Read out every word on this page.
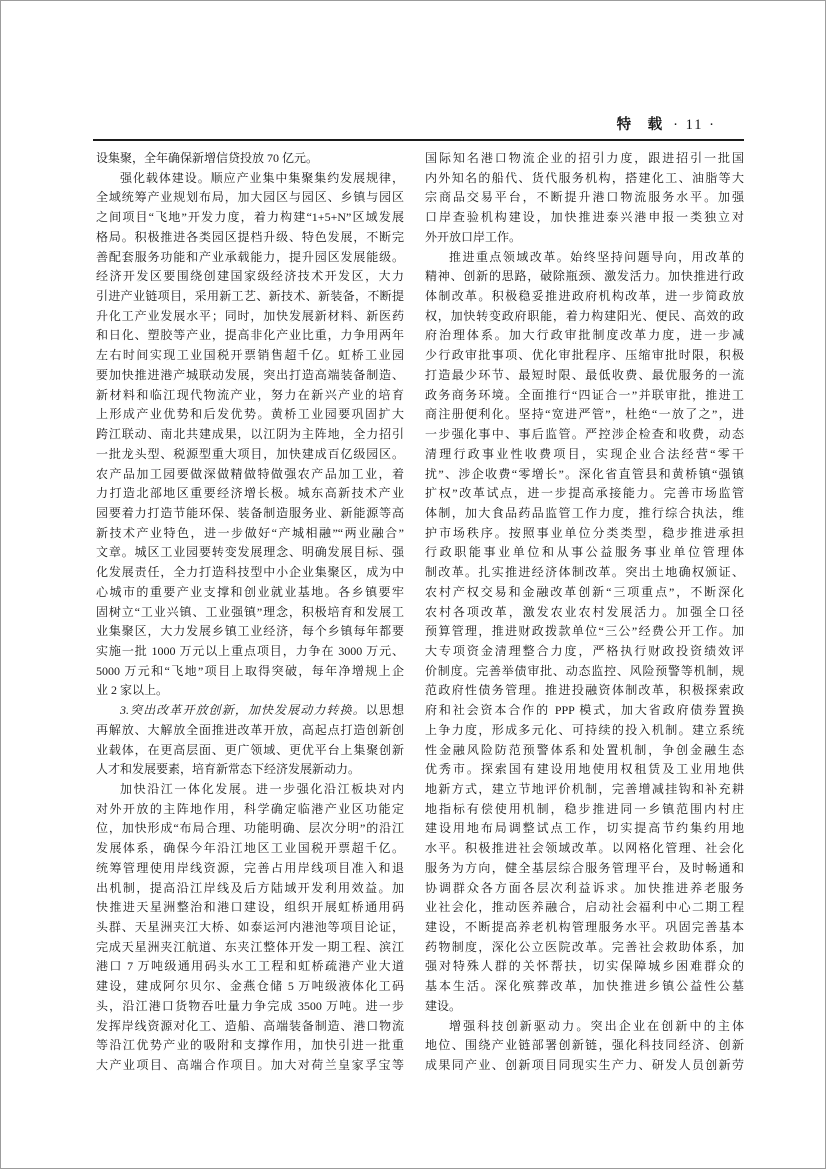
特　载 · 11 ·
设集聚，全年确保新增信贷投放 70 亿元。
强化载体建设。顺应产业集中集聚集约发展规律，
全域统筹产业规划布局，加大园区与园区、乡镇与园区
之间项目“飞地”开发力度，着力构建“1+5+N”区域发展
格局。积极推进各类园区提档升级、特色发展，不断完
善配套服务功能和产业承载能力，提升园区发展能级。
经济开发区要围绕创建国家级经济技术开发区，大力
引进产业链项目，采用新工艺、新技术、新装备，不断提
升化工产业发展水平；同时，加快发展新材料、新医药
和日化、塑胶等产业，提高非化产业比重，力争用两年
左右时间实现工业国税开票销售超千亿。虹桥工业园
要加快推进港产城联动发展，突出打造高端装备制造、
新材料和临江现代物流产业，努力在新兴产业的培育
上形成产业优势和后发优势。黄桥工业园要巩固扩大
跨江联动、南北共建成果，以江阴为主阵地，全力招引
一批龙头型、税源型重大项目，加快建成百亿级园区。
农产品加工园要做深做精做特做强农产品加工业，着
力打造北部地区重要经济增长极。城东高新技术产业
园要着力打造节能环保、装备制造服务业、新能源等高
新技术产业特色，进一步做好“产城相融”“两业融合”
文章。城区工业园要转变发展理念、明确发展目标、强
化发展责任，全力打造科技型中小企业集聚区，成为中
心城市的重要产业支撑和创业就业基地。各乡镇要牢
固树立“工业兴镇、工业强镇”理念，积极培育和发展工
业集聚区，大力发展乡镇工业经济，每个乡镇每年都要
实施一批 1000 万元以上重点项目，力争在 3000 万元、
5000 万元和“飞地”项目上取得突破，每年净增规上企
业 2 家以上。
3.突出改革开放创新，加快发展动力转换。以思想
再解放、大解放全面推进改革开放，高起点打造创新创
业载体，在更高层面、更广领域、更优平台上集聚创新
人才和发展要素，培育新常态下经济发展新动力。
加快沿江一体化发展。进一步强化沿江板块对内
对外开放的主阵地作用，科学确定临港产业区功能定
位，加快形成“布局合理、功能明确、层次分明”的沿江
发展体系，确保今年沿江地区工业国税开票超千亿。
统筹管理使用岸线资源，完善占用岸线项目准入和退
出机制，提高沿江岸线及后方陆域开发利用效益。加
快推进天星洲整治和港口建设，组织开展虹桥通用码
头群、天星洲夹江大桥、如泰运河内港池等项目论证，
完成天星洲夹江航道、东夹江整体开发一期工程、滨江
港口 7 万吨级通用码头水工工程和虹桥疏港产业大道
建设，建成阿尔贝尔、金燕仓储 5 万吨级液体化工码
头，沿江港口货物吞吐量力争完成 3500 万吨。进一步
发挥岸线资源对化工、造船、高端装备制造、港口物流
等沿江优势产业的吸附和支撑作用，加快引进一批重
大产业项目、高端合作项目。加大对荷兰皇家孚宝等
国际知名港口物流企业的招引力度，跟进招引一批国
内外知名的船代、货代服务机构，搭建化工、油脂等大
宗商品交易平台，不断提升港口物流服务水平。加强
口岸查验机构建设，加快推进泰兴港申报一类独立对
外开放口岸工作。
推进重点领域改革。始终坚持问题导向，用改革的
精神、创新的思路，破除瓶颈、激发活力。加快推进行政
体制改革。积极稳妥推进政府机构改革，进一步简政放
权，加快转变政府职能，着力构建阳光、便民、高效的政
府治理体系。加大行政审批制度改革力度，进一步减
少行政审批事项、优化审批程序、压缩审批时限，积极
打造最少环节、最短时限、最低收费、最优服务的一流
政务商务环境。全面推行“四证合一”并联审批，推进工
商注册便利化。坚持“宽进严管”，杜绝“一放了之”，进
一步强化事中、事后监管。严控涉企检查和收费，动态
清理行政事业性收费项目，实现企业合法经营“零干
扰”、涉企收费“零增长”。深化省直管县和黄桥镇“强镇
扩权”改革试点，进一步提高承接能力。完善市场监管
体制，加大食品药品监管工作力度，推行综合执法，维
护市场秩序。按照事业单位分类类型，稳步推进承担
行政职能事业单位和从事公益服务事业单位管理体
制改革。扎实推进经济体制改革。突出土地确权颁证、
农村产权交易和金融改革创新“三项重点”，不断深化
农村各项改革，激发农业农村发展活力。加强全口径
预算管理，推进财政拨款单位“三公”经费公开工作。加
大专项资金清理整合力度，严格执行财政投资绩效评
价制度。完善举债审批、动态监控、风险预警等机制，规
范政府性债务管理。推进投融资体制改革，积极探索政
府和社会资本合作的 PPP 模式，加大省政府债券置换
上争力度，形成多元化、可持续的投入机制。建立系统
性金融风险防范预警体系和处置机制，争创金融生态
优秀市。探索国有建设用地使用权租赁及工业用地供
地新方式，建立节地评价机制，完善增减挂钩和补充耕
地指标有偿使用机制，稳步推进同一乡镇范围内村庄
建设用地布局调整试点工作，切实提高节约集约用地
水平。积极推进社会领域改革。以网格化管理、社会化
服务为方向，健全基层综合服务管理平台，及时畅通和
协调群众各方面各层次利益诉求。加快推进养老服务
业社会化，推动医养融合，启动社会福利中心二期工程
建设，不断提高养老机构管理服务水平。巩固完善基本
药物制度，深化公立医院改革。完善社会救助体系，加
强对特殊人群的关怀帮扶，切实保障城乡困难群众的
基本生活。深化殡葬改革，加快推进乡镇公益性公墓
建设。
增强科技创新驱动力。突出企业在创新中的主体
地位、围绕产业链部署创新链，强化科技同经济、创新
成果同产业、创新项目同现实生产力、研发人员创新劳
